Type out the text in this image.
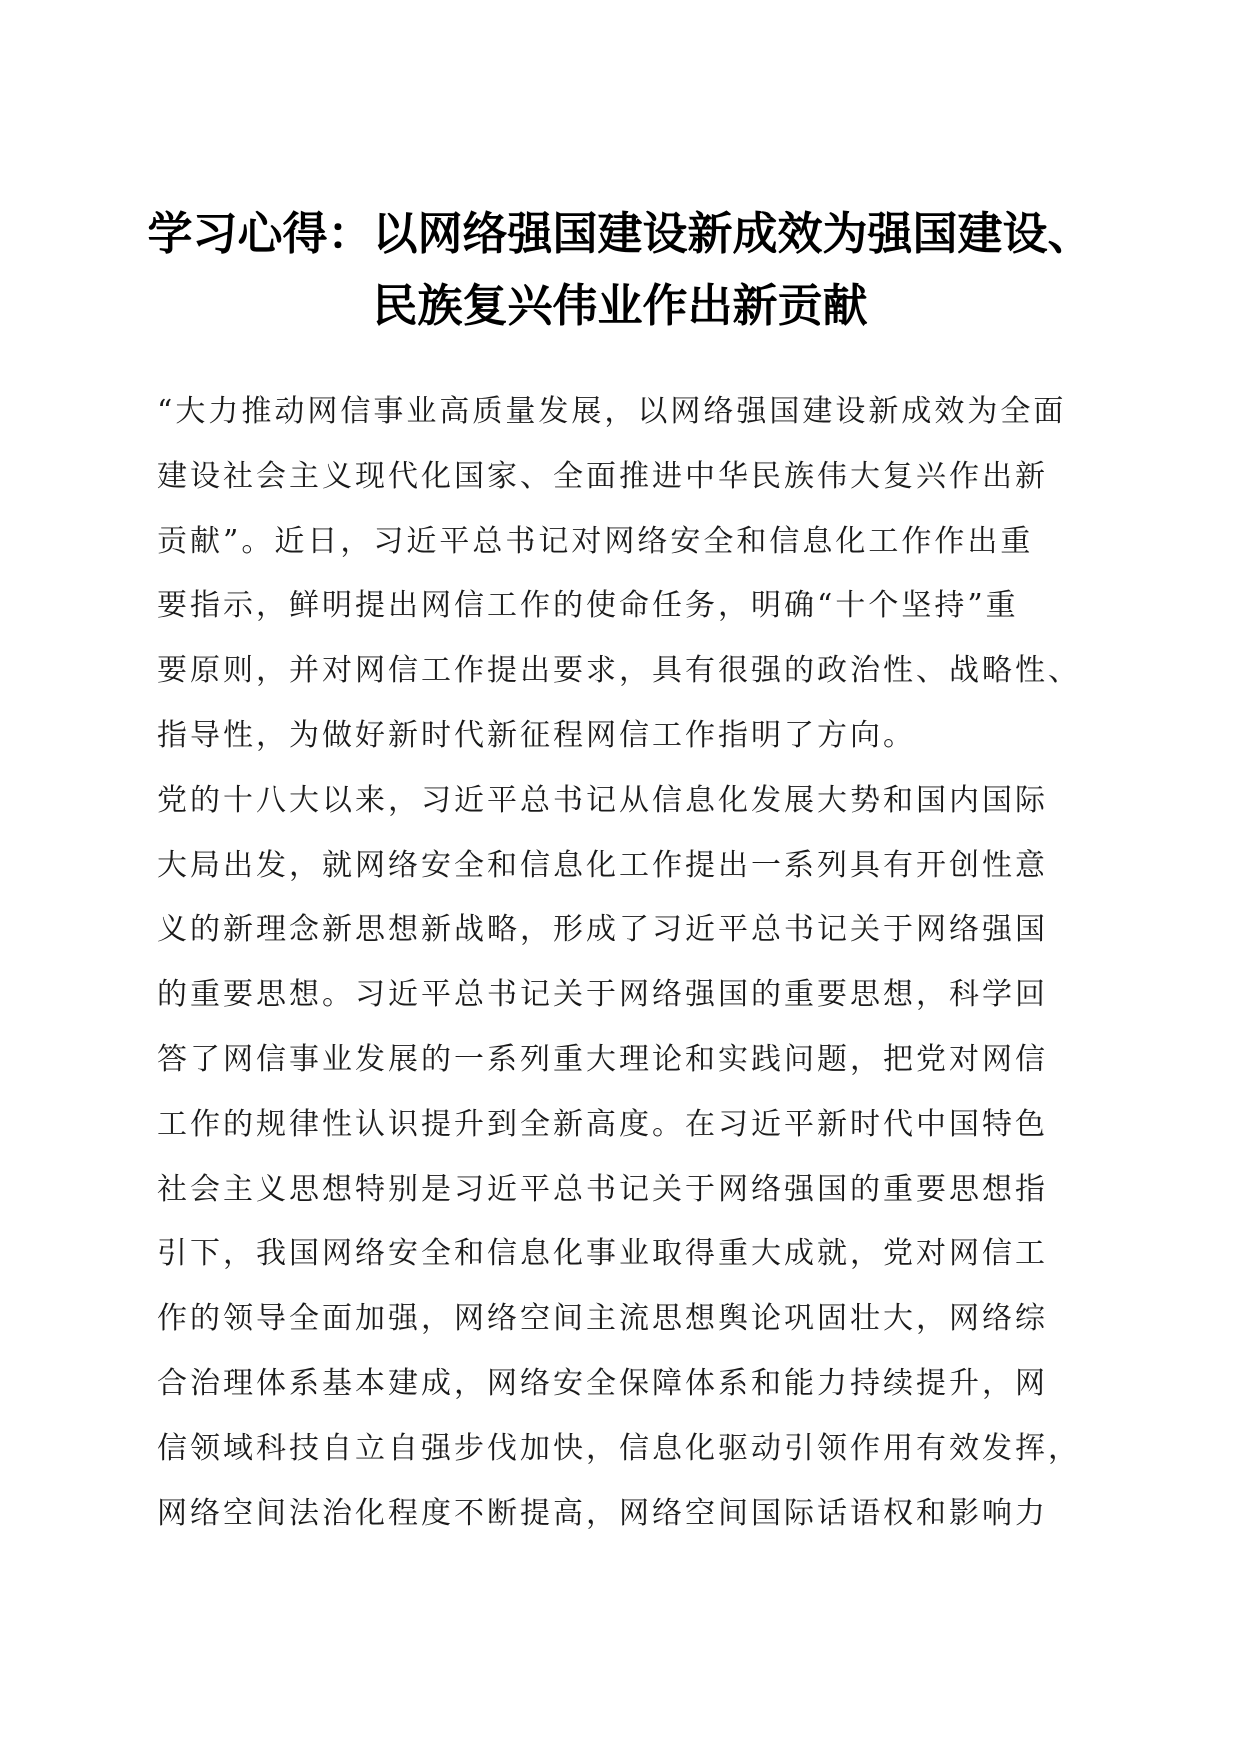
学习心得：以网络强国建设新成效为强国建设、
民族复兴伟业作出新贡献

“大力推动网信事业高质量发展，以网络强国建设新成效为全面
建设社会主义现代化国家、全面推进中华民族伟大复兴作出新
贡献”。近日，习近平总书记对网络安全和信息化工作作出重
要指示，鲜明提出网信工作的使命任务，明确“十个坚持”重
要原则，并对网信工作提出要求，具有很强的政治性、战略性、
指导性，为做好新时代新征程网信工作指明了方向。

党的十八大以来，习近平总书记从信息化发展大势和国内国际
大局出发，就网络安全和信息化工作提出一系列具有开创性意
义的新理念新思想新战略，形成了习近平总书记关于网络强国
的重要思想。习近平总书记关于网络强国的重要思想，科学回
答了网信事业发展的一系列重大理论和实践问题，把党对网信
工作的规律性认识提升到全新高度。在习近平新时代中国特色
社会主义思想特别是习近平总书记关于网络强国的重要思想指
引下，我国网络安全和信息化事业取得重大成就，党对网信工
作的领导全面加强，网络空间主流思想舆论巩固壮大，网络综
合治理体系基本建成，网络安全保障体系和能力持续提升，网
信领域科技自立自强步伐加快，信息化驱动引领作用有效发挥，
网络空间法治化程度不断提高，网络空间国际话语权和影响力
